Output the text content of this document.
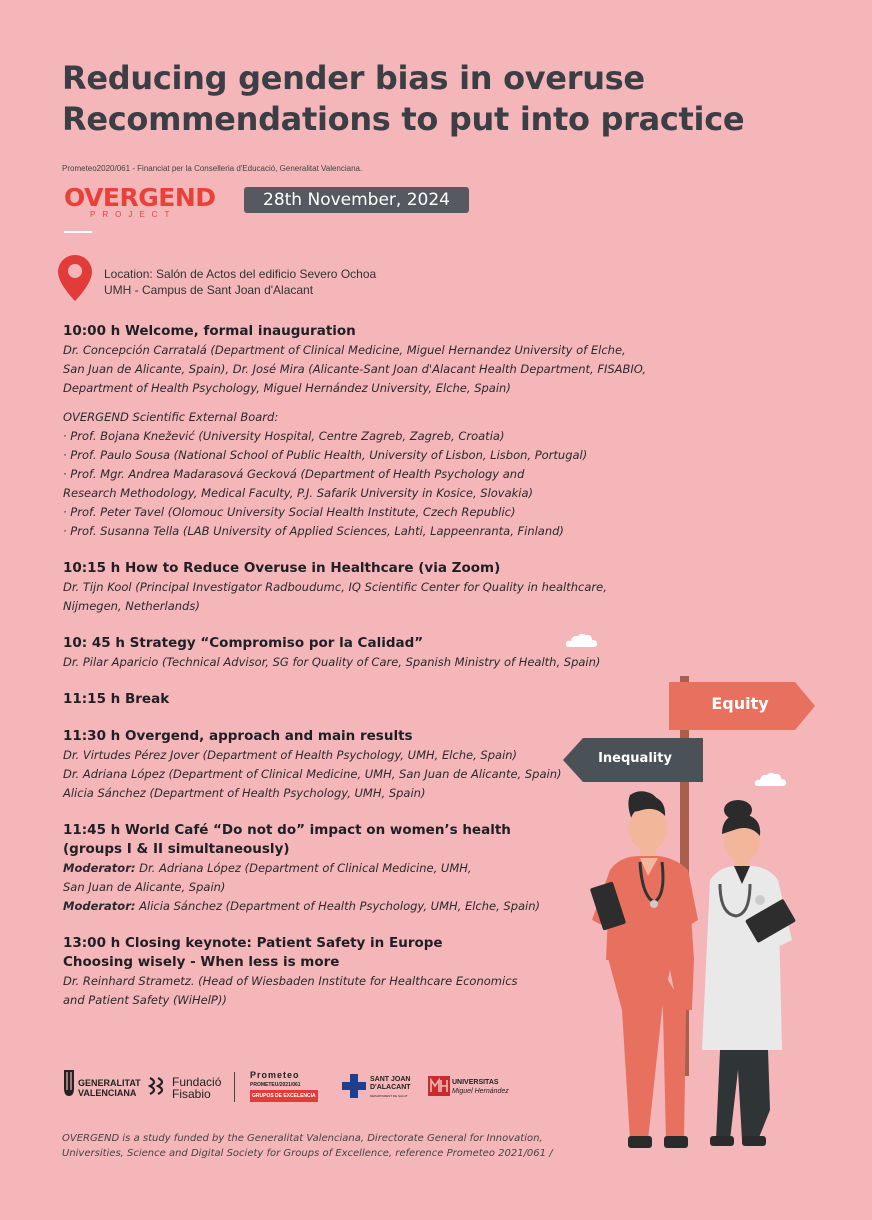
Reducing gender bias in overuse
Recommendations to put into practice
Prometeo2020/061 - Financiat per la Conselleria d'Educació, Generalitat Valenciana.
OVERGEND
PROJECT
28th November, 2024
Location: Salón de Actos del edificio Severo Ochoa
UMH - Campus de Sant Joan d'Alacant
10:00 h Welcome, formal inauguration
Dr. Concepción Carratalá (Department of Clinical Medicine, Miguel Hernandez University of Elche,
San Juan de Alicante, Spain), Dr. José Mira (Alicante-Sant Joan d'Alacant Health Department, FISABIO,
Department of Health Psychology, Miguel Hernández University, Elche, Spain)
OVERGEND Scientific External Board:
· Prof. Bojana Knežević (University Hospital, Centre Zagreb, Zagreb, Croatia)
· Prof. Paulo Sousa (National School of Public Health, University of Lisbon, Lisbon, Portugal)
· Prof. Mgr. Andrea Madarasová Gecková (Department of Health Psychology and
Research Methodology, Medical Faculty, P.J. Safarik University in Kosice, Slovakia)
· Prof. Peter Tavel (Olomouc University Social Health Institute, Czech Republic)
· Prof. Susanna Tella (LAB University of Applied Sciences, Lahti, Lappeenranta, Finland)
10:15 h How to Reduce Overuse in Healthcare (via Zoom)
Dr. Tijn Kool (Principal Investigator Radboudumc, IQ Scientific Center for Quality in healthcare,
Nijmegen, Netherlands)
10: 45 h Strategy “Compromiso por la Calidad”
Dr. Pilar Aparicio (Technical Advisor, SG for Quality of Care, Spanish Ministry of Health, Spain)
11:15 h Break
11:30 h Overgend, approach and main results
Dr. Virtudes Pérez Jover (Department of Health Psychology, UMH, Elche, Spain)
Dr. Adriana López (Department of Clinical Medicine, UMH, San Juan de Alicante, Spain)
Alicia Sánchez (Department of Health Psychology, UMH, Spain)
11:45 h World Café “Do not do” impact on women’s health
(groups I & II simultaneously)
Moderator: Dr. Adriana López (Department of Clinical Medicine, UMH,
San Juan de Alicante, Spain)
Moderator: Alicia Sánchez (Department of Health Psychology, UMH, Elche, Spain)
13:00 h Closing keynote: Patient Safety in Europe
Choosing wisely - When less is more
Dr. Reinhard Strametz. (Head of Wiesbaden Institute for Healthcare Economics
and Patient Safety (WiHelP))
Equity
Inequality
GENERALITAT
VALENCIANA
Fundació
Fisabio
Prometeo
PROMETEU/2021/061
GRUPOS DE EXCELENCIA
SANT JOAN
D'ALACANT
DEPARTAMENT DE SALUT
UNIVERSITAS
Miguel Hernández
OVERGEND is a study funded by the Generalitat Valenciana, Directorate General for Innovation,
Universities, Science and Digital Society for Groups of Excellence, reference Prometeo 2021/061 /
